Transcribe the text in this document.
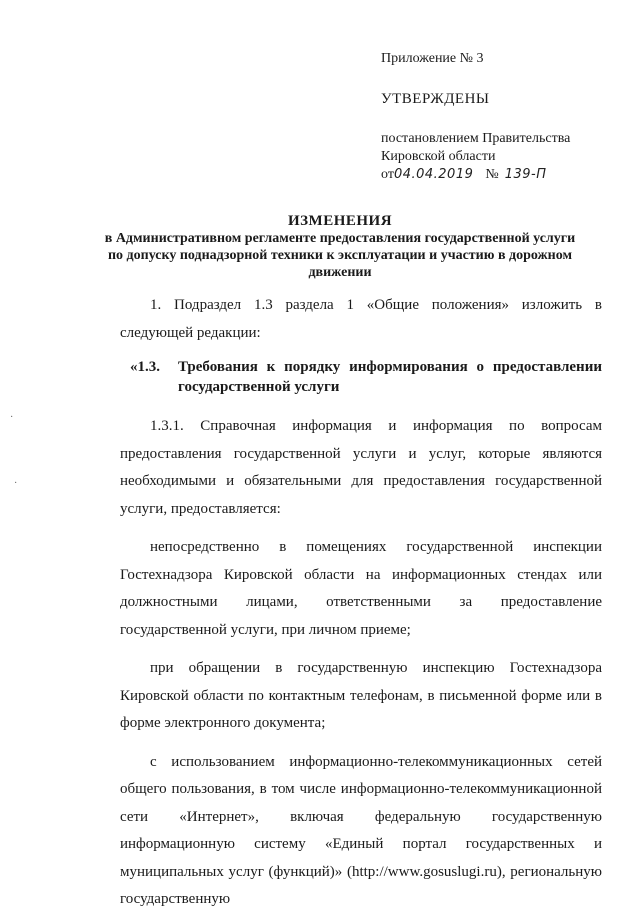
·
·

Приложение № 3

УТВЕРЖДЕНЫ

постановлением Правительства
Кировской области
от 04.04.2019 № 139-П
ИЗМЕНЕНИЯ
в Административном регламенте предоставления государственной услуги по допуску поднадзорной техники к эксплуатации и участию в дорожном движении

1. Подраздел 1.3 раздела 1 «Общие положения» изложить в следующей редакции:

«1.3.	Требования к порядку информирования о предоставлении государственной услуги

1.3.1. Справочная информация и информация по вопросам предоставления государственной услуги и услуг, которые являются необходимыми и обязательными для предоставления государственной услуги, предоставляется:

непосредственно в помещениях государственной инспекции Гостехнадзора Кировской области на информационных стендах или должностными лицами, ответственными за предоставление государственной услуги, при личном приеме;

при обращении в государственную инспекцию Гостехнадзора Кировской области по контактным телефонам, в письменной форме или в форме электронного документа;

с использованием информационно-телекоммуникационных сетей общего пользования, в том числе информационно-телекоммуникационной сети «Интернет», включая федеральную государственную информационную систему «Единый портал государственных и муниципальных услуг (функций)» (http://www.gosuslugi.ru), региональную государственную
